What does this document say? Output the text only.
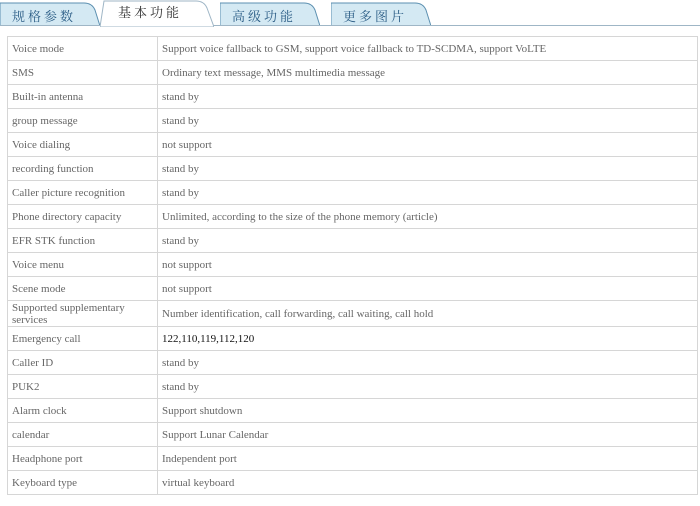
规格参数	基本功能	高级功能	更多图片
Voice mode	Support voice fallback to GSM, support voice fallback to TD-SCDMA, support VoLTE
SMS	Ordinary text message, MMS multimedia message
Built-in antenna	stand by
group message	stand by
Voice dialing	not support
recording function	stand by
Caller picture recognition	stand by
Phone directory capacity	Unlimited, according to the size of the phone memory (article)
EFR STK function	stand by
Voice menu	not support
Scene mode	not support
Supported supplementary services	Number identification, call forwarding, call waiting, call hold
Emergency call	122,110,119,112,120
Caller ID	stand by
PUK2	stand by
Alarm clock	Support shutdown
calendar	Support Lunar Calendar
Headphone port	Independent port
Keyboard type	virtual keyboard
